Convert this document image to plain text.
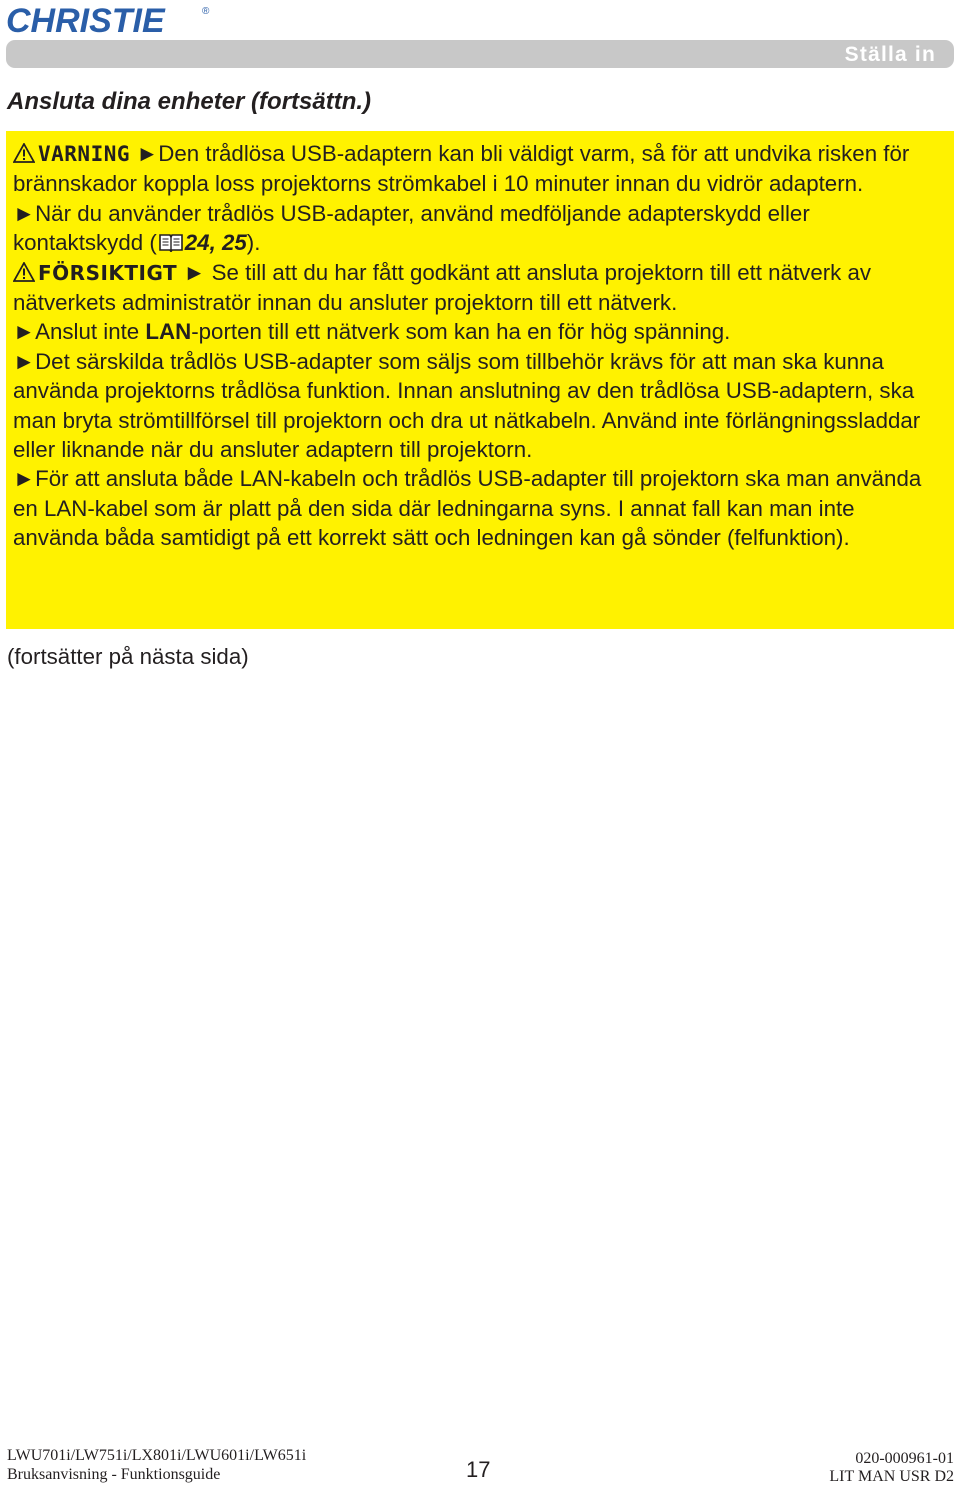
CHRISTIE	®
Ställa in
Ansluta dina enheter (fortsättn.)

VARNING ►Den trådlösa USB-adaptern kan bli väldigt varm, så för att undvika risken för brännskador koppla loss projektorns strömkabel i 10 minuter innan du vidrör adaptern.

►När du använder trådlös USB-adapter, använd medföljande adapterskydd eller kontaktskydd ( 24, 25).

FÖRSIKTIGT ► Se till att du har fått godkänt att ansluta projektorn till ett nätverk av nätverkets administratör innan du ansluter projektorn till ett nätverk.

►Anslut inte LAN-porten till ett nätverk som kan ha en för hög spänning.

►Det särskilda trådlös USB-adapter som säljs som tillbehör krävs för att man ska kunna använda projektorns trådlösa funktion. Innan anslutning av den trådlösa USB-adaptern, ska man bryta strömtillförsel till projektorn och dra ut nätkabeln. Använd inte förlängningssladdar eller liknande när du ansluter adaptern till projektorn.

►För att ansluta både LAN-kabeln och trådlös USB-adapter till projektorn ska man använda en LAN-kabel som är platt på den sida där ledningarna syns. I annat fall kan man inte använda båda samtidigt på ett korrekt sätt och ledningen kan gå sönder (felfunktion).

(fortsätter på nästa sida)
LWU701i/LW751i/LX801i/LWU601i/LW651i
Bruksanvisning - Funktionsguide	17	020-000961-01
LIT MAN USR D2
